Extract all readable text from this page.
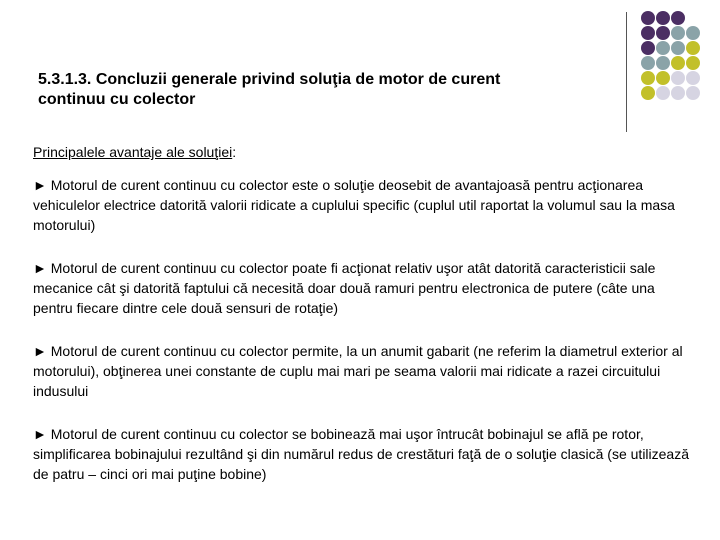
5.3.1.3. Concluzii generale privind soluţia de motor de curent
continuu cu colector

Principalele avantaje ale soluţiei:

► Motorul de curent continuu cu colector este o soluţie deosebit de avantajoasă pentru acţionarea vehiculelor electrice datorită valorii ridicate a cuplului specific (cuplul util raportat la volumul sau la masa motorului)

► Motorul de curent continuu cu colector poate fi acţionat relativ uşor atât datorită caracteristicii sale mecanice cât şi datorită faptului că necesită doar două ramuri pentru electronica de putere (câte una pentru fiecare dintre cele două sensuri de rotaţie)

► Motorul de curent continuu cu colector permite, la un anumit gabarit (ne referim la diametrul exterior al motorului), obţinerea unei constante de cuplu mai mari pe seama valorii mai ridicate a razei circuitului indusului

► Motorul de curent continuu cu colector se bobinează mai uşor întrucât bobinajul se află pe rotor, simplificarea bobinajului rezultând şi din numărul redus de crestături faţă de o soluţie clasică (se utilizează de patru – cinci ori mai puţine bobine)
